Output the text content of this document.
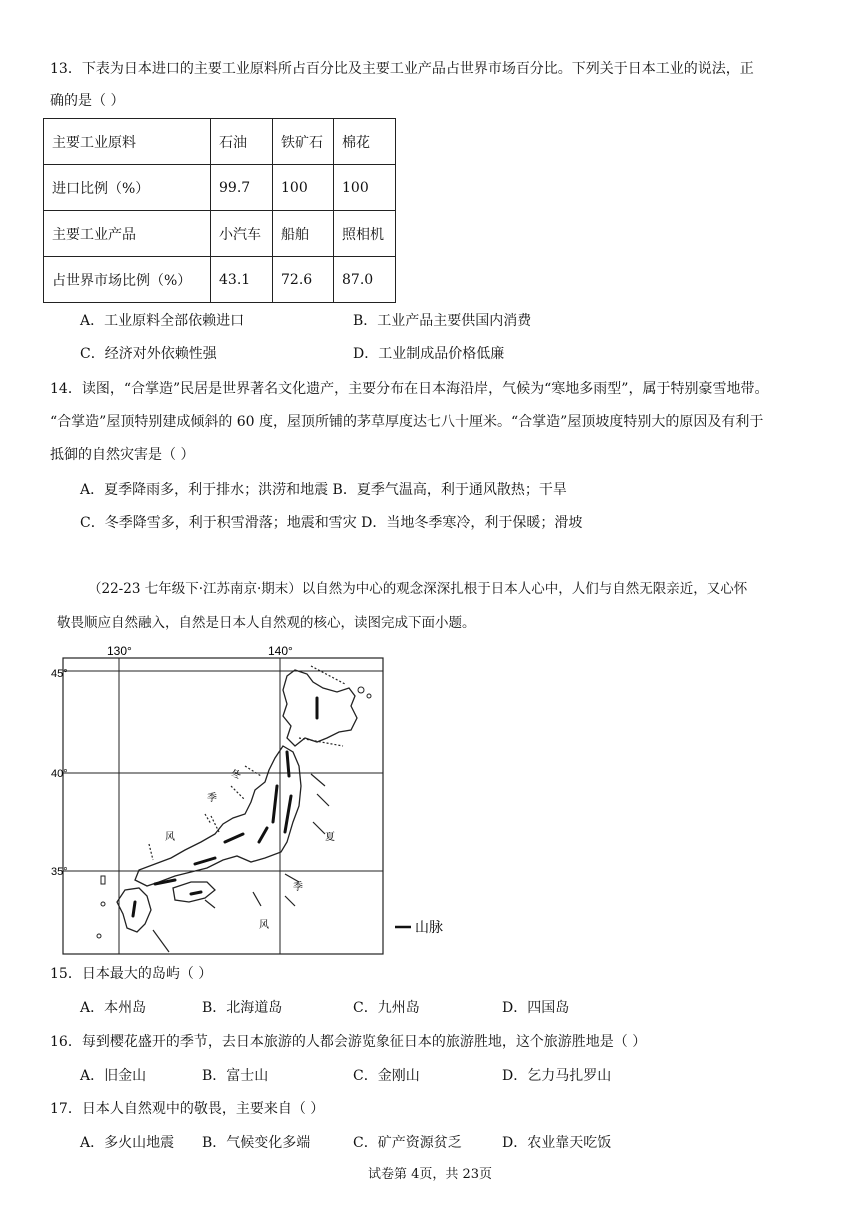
13．下表为日本进口的主要工业原料所占百分比及主要工业产品占世界市场百分比。下列关于日本工业的说法，正
确的是（ ）
主要工业原料	石油	铁矿石	棉花
进口比例（%）	99.7	100	100
主要工业产品	小汽车	船舶	照相机
占世界市场比例（%）	43.1	72.6	87.0
A．工业原料全部依赖进口	B．工业产品主要供国内消费
C．经济对外依赖性强	D．工业制成品价格低廉
14．读图，“合掌造”民居是世界著名文化遗产，主要分布在日本海沿岸，气候为“寒地多雨型”，属于特别豪雪地带。
“合掌造”屋顶特别建成倾斜的 60 度，屋顶所铺的茅草厚度达七八十厘米。“合掌造”屋顶坡度特别大的原因及有利于
抵御的自然灾害是（ ）
A．夏季降雨多，利于排水；洪涝和地震 B．夏季气温高，利于通风散热；干旱
C．冬季降雪多，利于积雪滑落；地震和雪灾 D．当地冬季寒冷，利于保暖；滑坡
（22-23 七年级下·江苏南京·期末）以自然为中心的观念深深扎根于日本人心中，人们与自然无限亲近，又心怀
敬畏顺应自然融入，自然是日本人自然观的核心，读图完成下面小题。
130°	140°
45°
40°
35°
冬
季
风	夏
季
风	山脉
15．日本最大的岛屿（ ）
A．本州岛	B．北海道岛	C．九州岛	D．四国岛
16．每到樱花盛开的季节，去日本旅游的人都会游览象征日本的旅游胜地，这个旅游胜地是（ ）
A．旧金山	B．富士山	C．金刚山	D．乞力马扎罗山
17．日本人自然观中的敬畏，主要来自（ ）
A．多火山地震 B．气候变化多端	C．矿产资源贫乏	D．农业靠天吃饭
试卷第 4页，共 23页
